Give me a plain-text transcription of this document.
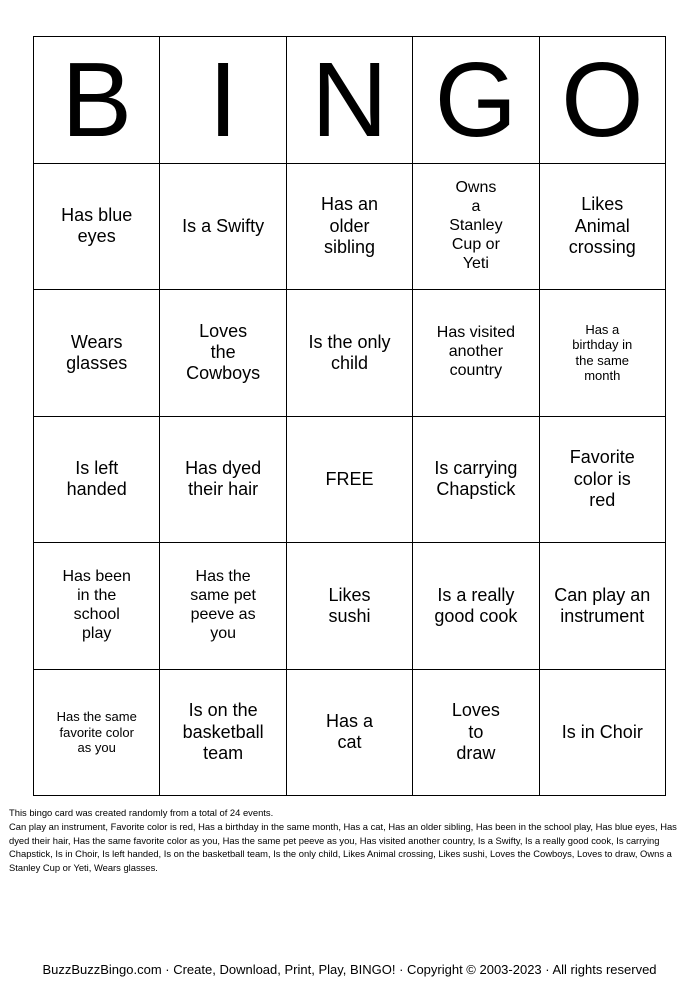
B I N G O
Has blue eyes
Is a Swifty
Has an older sibling
Owns a Stanley Cup or Yeti
Likes Animal crossing
Wears glasses
Loves the Cowboys
Is the only child
Has visited another country
Has a birthday in the same month
Is left handed
Has dyed their hair
FREE
Is carrying Chapstick
Favorite color is red
Has been in the school play
Has the same pet peeve as you
Likes sushi
Is a really good cook
Can play an instrument
Has the same favorite color as you
Is on the basketball team
Has a cat
Loves to draw
Is in Choir
This bingo card was created randomly from a total of 24 events.
Can play an instrument, Favorite color is red, Has a birthday in the same month, Has a cat, Has an older sibling, Has been in the school play, Has blue eyes, Has dyed their hair, Has the same favorite color as you, Has the same pet peeve as you, Has visited another country, Is a Swifty, Is a really good cook, Is carrying Chapstick, Is in Choir, Is left handed, Is on the basketball team, Is the only child, Likes Animal crossing, Likes sushi, Loves the Cowboys, Loves to draw, Owns a Stanley Cup or Yeti, Wears glasses.
BuzzBuzzBingo.com · Create, Download, Print, Play, BINGO! · Copyright © 2003-2023 · All rights reserved
